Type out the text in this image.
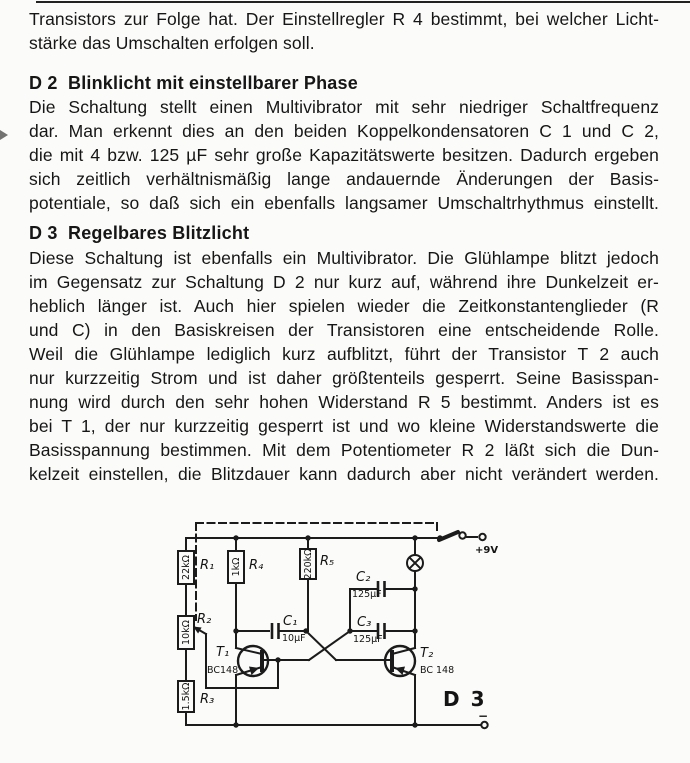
Transistors zur Folge hat. Der Einstellregler R 4 bestimmt, bei welcher Licht-
stärke das Umschalten erfolgen soll.
D 2  Blinklicht mit einstellbarer Phase
Die Schaltung stellt einen Multivibrator mit sehr niedriger Schaltfrequenz
dar. Man erkennt dies an den beiden Koppelkondensatoren C 1 und C 2,
die mit 4 bzw. 125 µF sehr große Kapazitätswerte besitzen. Dadurch ergeben
sich zeitlich verhältnismäßig lange andauernde Änderungen der Basis-
potentiale, so daß sich ein ebenfalls langsamer Umschaltrhythmus einstellt.
D 3  Regelbares Blitzlicht
Diese Schaltung ist ebenfalls ein Multivibrator. Die Glühlampe blitzt jedoch
im Gegensatz zur Schaltung D 2 nur kurz auf, während ihre Dunkelzeit er-
heblich länger ist. Auch hier spielen wieder die Zeitkonstantenglieder (R
und C) in den Basiskreisen der Transistoren eine entscheidende Rolle.
Weil die Glühlampe lediglich kurz aufblitzt, führt der Transistor T 2 auch
nur kurzzeitig Strom und ist daher größtenteils gesperrt. Seine Basisspan-
nung wird durch den sehr hohen Widerstand R 5 bestimmt. Anders ist es
bei T 1, der nur kurzzeitig gesperrt ist und wo kleine Widerstandswerte die
Basisspannung bestimmen. Mit dem Potentiometer R 2 läßt sich die Dun-
kelzeit einstellen, die Blitzdauer kann dadurch aber nicht verändert werden.
R₁
R₂
R₃
R₄	R₅
C₁
C₂
C₃
T₁	T₂
10µF
125µF
125µF
BC148	BC 148
22kΩ
10kΩ
1.5kΩ
1kΩ	220kΩ	+9V
−
D 3
